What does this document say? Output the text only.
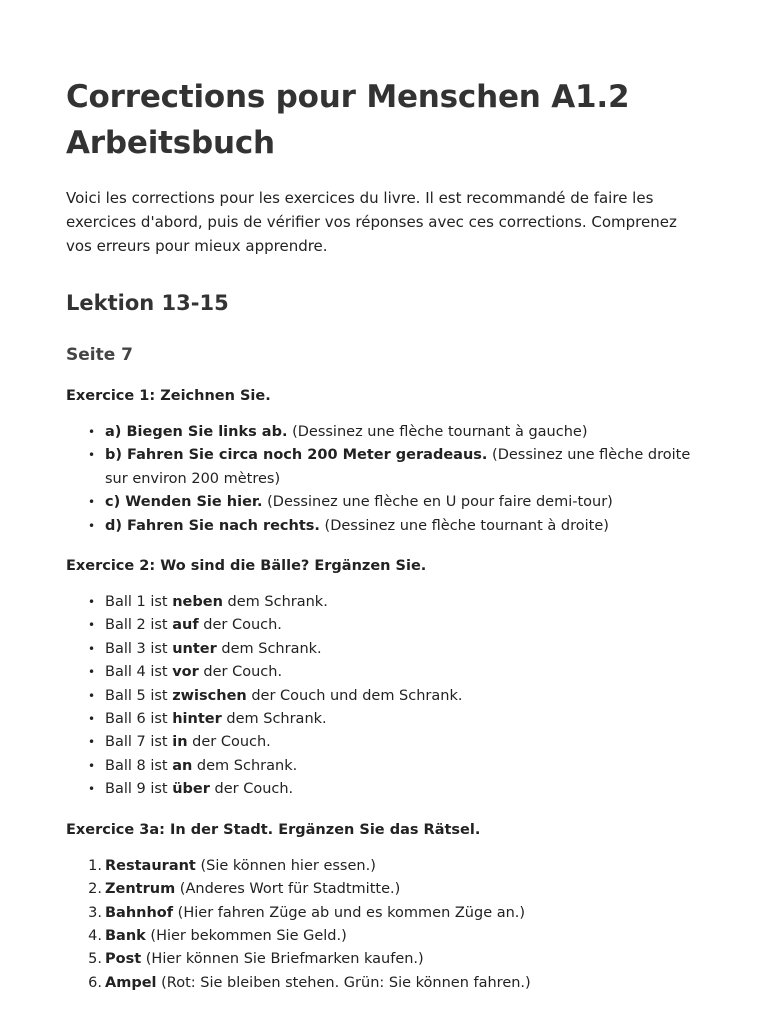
Corrections pour Menschen A1.2 Arbeitsbuch

Voici les corrections pour les exercices du livre. Il est recommandé de faire les exercices d'abord, puis de vérifier vos réponses avec ces corrections. Comprenez vos erreurs pour mieux apprendre.

Lektion 13-15
Seite 7
Exercice 1: Zeichnen Sie.
• a) Biegen Sie links ab. (Dessinez une flèche tournant à gauche)
• b) Fahren Sie circa noch 200 Meter geradeaus. (Dessinez une flèche droite sur environ 200 mètres)
• c) Wenden Sie hier. (Dessinez une flèche en U pour faire demi-tour)
• d) Fahren Sie nach rechts. (Dessinez une flèche tournant à droite)
Exercice 2: Wo sind die Bälle? Ergänzen Sie.
• Ball 1 ist neben dem Schrank.
• Ball 2 ist auf der Couch.
• Ball 3 ist unter dem Schrank.
• Ball 4 ist vor der Couch.
• Ball 5 ist zwischen der Couch und dem Schrank.
• Ball 6 ist hinter dem Schrank.
• Ball 7 ist in der Couch.
• Ball 8 ist an dem Schrank.
• Ball 9 ist über der Couch.
Exercice 3a: In der Stadt. Ergänzen Sie das Rätsel.
1. Restaurant (Sie können hier essen.)
2. Zentrum (Anderes Wort für Stadtmitte.)
3. Bahnhof (Hier fahren Züge ab und es kommen Züge an.)
4. Bank (Hier bekommen Sie Geld.)
5. Post (Hier können Sie Briefmarken kaufen.)
6. Ampel (Rot: Sie bleiben stehen. Grün: Sie können fahren.)
